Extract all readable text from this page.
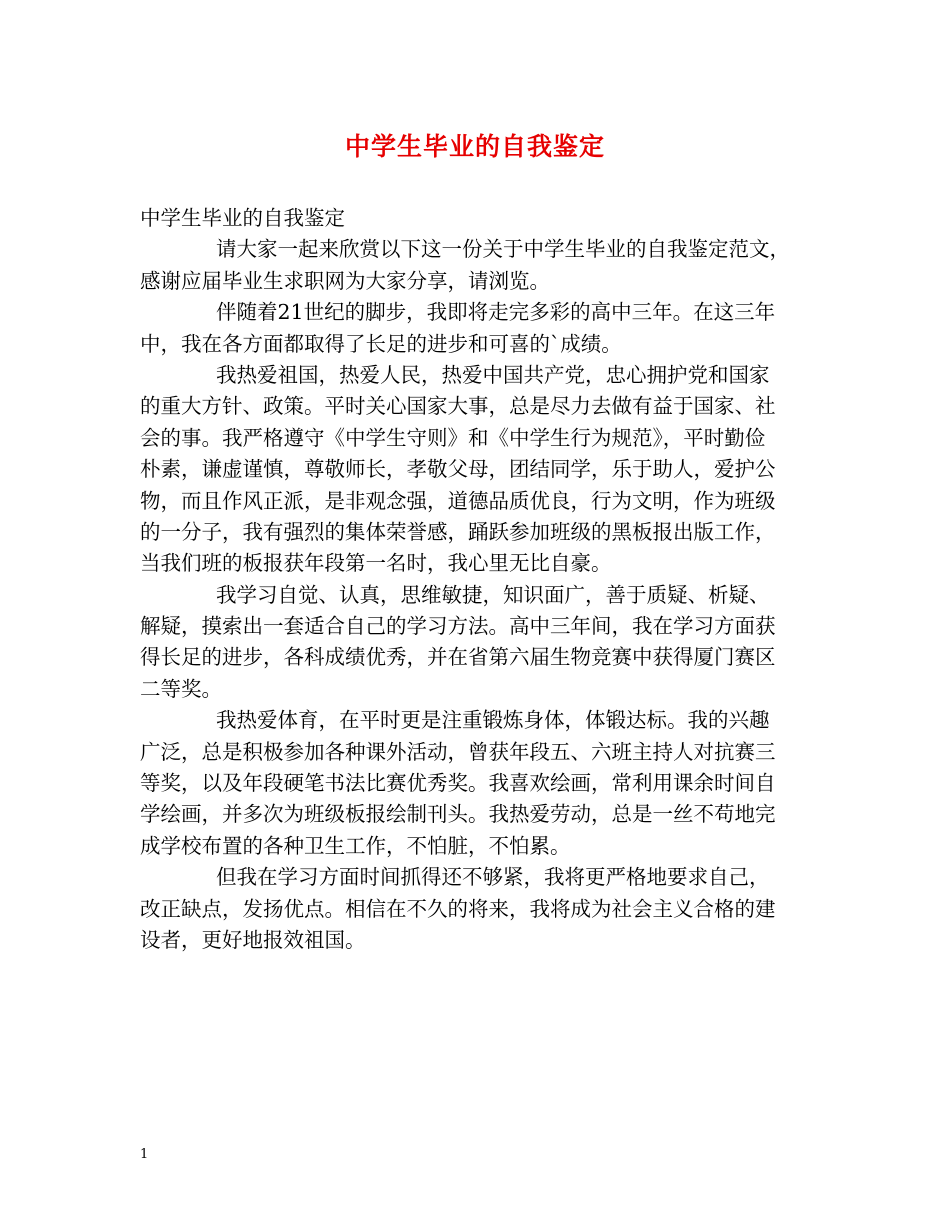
中学生毕业的自我鉴定
中学生毕业的自我鉴定
请大家一起来欣赏以下这一份关于中学生毕业的自我鉴定范文，
感谢应届毕业生求职网为大家分享，请浏览。
伴随着21世纪的脚步，我即将走完多彩的高中三年。在这三年
中，我在各方面都取得了长足的进步和可喜的`成绩。
我热爱祖国，热爱人民，热爱中国共产党，忠心拥护党和国家
的重大方针、政策。平时关心国家大事，总是尽力去做有益于国家、社
会的事。我严格遵守《中学生守则》和《中学生行为规范》，平时勤俭
朴素，谦虚谨慎，尊敬师长，孝敬父母，团结同学，乐于助人，爱护公
物，而且作风正派，是非观念强，道德品质优良，行为文明，作为班级
的一分子，我有强烈的集体荣誉感，踊跃参加班级的黑板报出版工作，
当我们班的板报获年段第一名时，我心里无比自豪。
我学习自觉、认真，思维敏捷，知识面广，善于质疑、析疑、
解疑，摸索出一套适合自己的学习方法。高中三年间，我在学习方面获
得长足的进步，各科成绩优秀，并在省第六届生物竞赛中获得厦门赛区
二等奖。
我热爱体育，在平时更是注重锻炼身体，体锻达标。我的兴趣
广泛，总是积极参加各种课外活动，曾获年段五、六班主持人对抗赛三
等奖，以及年段硬笔书法比赛优秀奖。我喜欢绘画，常利用课余时间自
学绘画，并多次为班级板报绘制刊头。我热爱劳动，总是一丝不苟地完
成学校布置的各种卫生工作，不怕脏，不怕累。
但我在学习方面时间抓得还不够紧，我将更严格地要求自己，
改正缺点，发扬优点。相信在不久的将来，我将成为社会主义合格的建
设者，更好地报效祖国。
1
